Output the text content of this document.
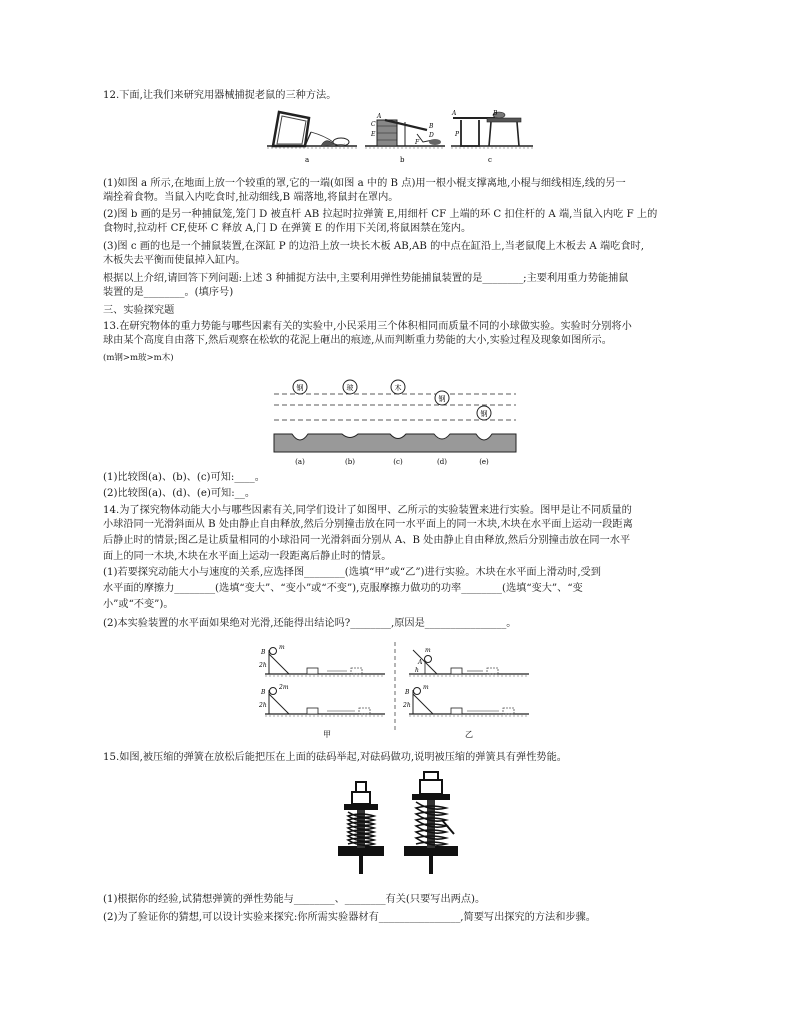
12.下面,让我们来研究用器械捕捉老鼠的三种方法。
a
A
B
C
D
E
F
b
A	B
P
c
(1)如图 a 所示,在地面上放一个较重的罩,它的一端(如图 a 中的 B 点)用一根小棍支撑离地,小棍与细线相连,线的另一
端拴着食物。当鼠入内吃食时,扯动细线,B 端落地,将鼠封在罩内。
(2)图 b 画的是另一种捕鼠笼,笼门 D 被直杆 AB 拉起时拉弹簧 E,用细杆 CF 上端的环 C 扣住杆的 A 端,当鼠入内吃 F 上的
食物时,拉动杆 CF,使环 C 释放 A,门 D 在弹簧 E 的作用下关闭,将鼠困禁在笼内。
(3)图 c 画的也是一个捕鼠装置,在深缸 P 的边沿上放一块长木板 AB,AB 的中点在缸沿上,当老鼠爬上木板去 A 端吃食时,
木板失去平衡而使鼠掉入缸内。
根据以上介绍,请回答下列问题:上述 3 种捕捉方法中,主要利用弹性势能捕鼠装置的是________;主要利用重力势能捕鼠
装置的是________。(填序号)
三、实验探究题
13.在研究物体的重力势能与哪些因素有关的实验中,小民采用三个体积相同而质量不同的小球做实验。实验时分别将小
球由某个高度自由落下,然后观察在松软的花泥上砸出的痕迹,从而判断重力势能的大小,实验过程及现象如图所示。
(m钢>m玻>m木)
钢	玻	木
钢
钢
(a)	(b)	(c)	(d)	(e)
(1)比较图(a)、(b)、(c)可知:____。
(2)比较图(a)、(d)、(e)可知:__。
14.为了探究物体动能大小与哪些因素有关,同学们设计了如图甲、乙所示的实验装置来进行实验。图甲是让不同质量的
小球沿同一光滑斜面从 B 处由静止自由释放,然后分别撞击放在同一水平面上的同一木块,木块在水平面上运动一段距离
后静止时的情景;图乙是让质量相同的小球沿同一光滑斜面分别从 A、B 处由静止自由释放,然后分别撞击放在同一水平
面上的同一木块,木块在水平面上运动一段距离后静止时的情景。
(1)若要探究动能大小与速度的关系,应选择图________(选填“甲”或“乙”)进行实验。木块在水平面上滑动时,受到
水平面的摩擦力________(选填“变大”、“变小”或“不变”),克服摩擦力做功的功率________(选填“变大”、“变
小”或“不变”)。
(2)本实验装置的水平面如果绝对光滑,还能得出结论吗?________,原因是________________。
B
m
2h
B
2m
2h
A
m
h
B
m
2h
甲	乙
15.如图,被压缩的弹簧在放松后能把压在上面的砝码举起,对砝码做功,说明被压缩的弹簧具有弹性势能。
(1)根据你的经验,试猜想弹簧的弹性势能与________、________有关(只要写出两点)。
(2)为了验证你的猜想,可以设计实验来探究:你所需实验器材有________________,简要写出探究的方法和步骤。
